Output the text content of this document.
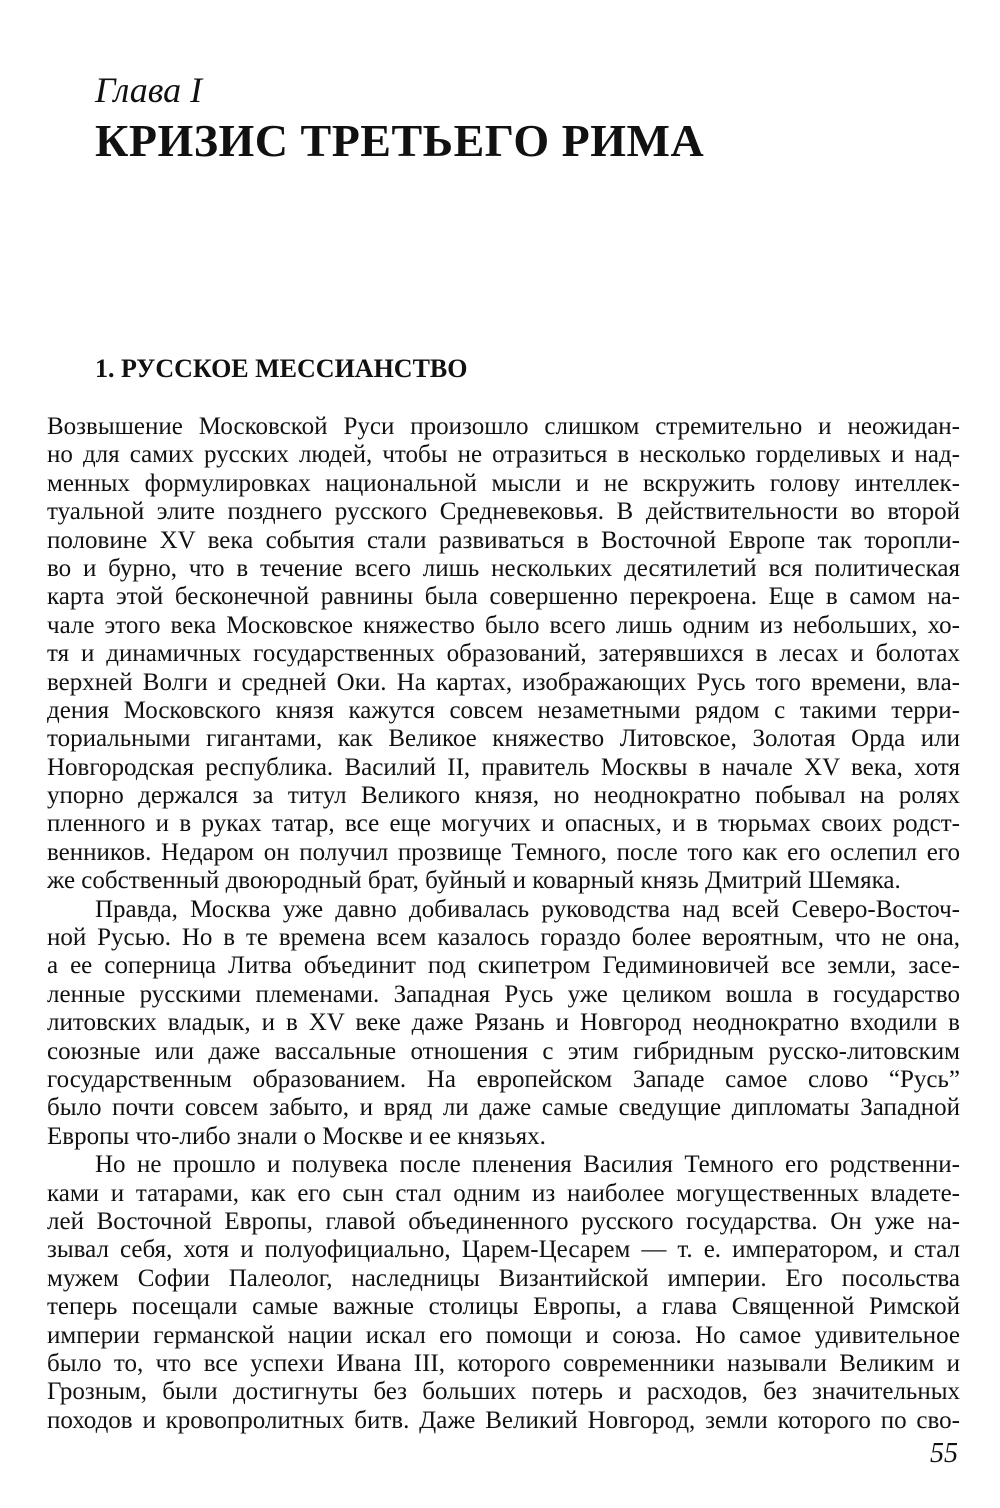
Глава I
КРИЗИС ТРЕТЬЕГО РИМА
1. РУССКОЕ МЕССИАНСТВО
Возвышение Московской Руси произошло слишком стремительно и неожидан-
но для самих русских людей, чтобы не отразиться в несколько горделивых и над-
менных формулировках национальной мысли и не вскружить голову интеллек-
туальной элите позднего русского Средневековья. В действительности во второй
половине XV века события стали развиваться в Восточной Европе так торопли-
во и бурно, что в течение всего лишь нескольких десятилетий вся политическая
карта этой бесконечной равнины была совершенно перекроена. Еще в самом на-
чале этого века Московское княжество было всего лишь одним из небольших, хо-
тя и динамичных государственных образований, затерявшихся в лесах и болотах
верхней Волги и средней Оки. На картах, изображающих Русь того времени, вла-
дения Московского князя кажутся совсем незаметными рядом с такими терри-
ториальными гигантами, как Великое княжество Литовское, Золотая Орда или
Новгородская республика. Василий II, правитель Москвы в начале XV века, хотя
упорно держался за титул Великого князя, но неоднократно побывал на ролях
пленного и в руках татар, все еще могучих и опасных, и в тюрьмах своих родст-
венников. Недаром он получил прозвище Темного, после того как его ослепил его
же собственный двоюродный брат, буйный и коварный князь Дмитрий Шемяка.
Правда, Москва уже давно добивалась руководства над всей Северо-Восточ-
ной Русью. Но в те времена всем казалось гораздо более вероятным, что не она,
а ее соперница Литва объединит под скипетром Гедиминовичей все земли, засе-
ленные русскими племенами. Западная Русь уже целиком вошла в государство
литовских владык, и в XV веке даже Рязань и Новгород неоднократно входили в
союзные или даже вассальные отношения с этим гибридным русско-литовским
государственным образованием. На европейском Западе самое слово “Русь”
было почти совсем забыто, и вряд ли даже самые сведущие дипломаты Западной
Европы что-либо знали о Москве и ее князьях.
Но не прошло и полувека после пленения Василия Темного его родственни-
ками и татарами, как его сын стал одним из наиболее могущественных владете-
лей Восточной Европы, главой объединенного русского государства. Он уже на-
зывал себя, хотя и полуофициально, Царем-Цесарем — т. е. императором, и стал
мужем Софии Палеолог, наследницы Византийской империи. Его посольства
теперь посещали самые важные столицы Европы, а глава Священной Римской
империи германской нации искал его помощи и союза. Но самое удивительное
было то, что все успехи Ивана III, которого современники называли Великим и
Грозным, были достигнуты без больших потерь и расходов, без значительных
походов и кровопролитных битв. Даже Великий Новгород, земли которого по сво-
55
